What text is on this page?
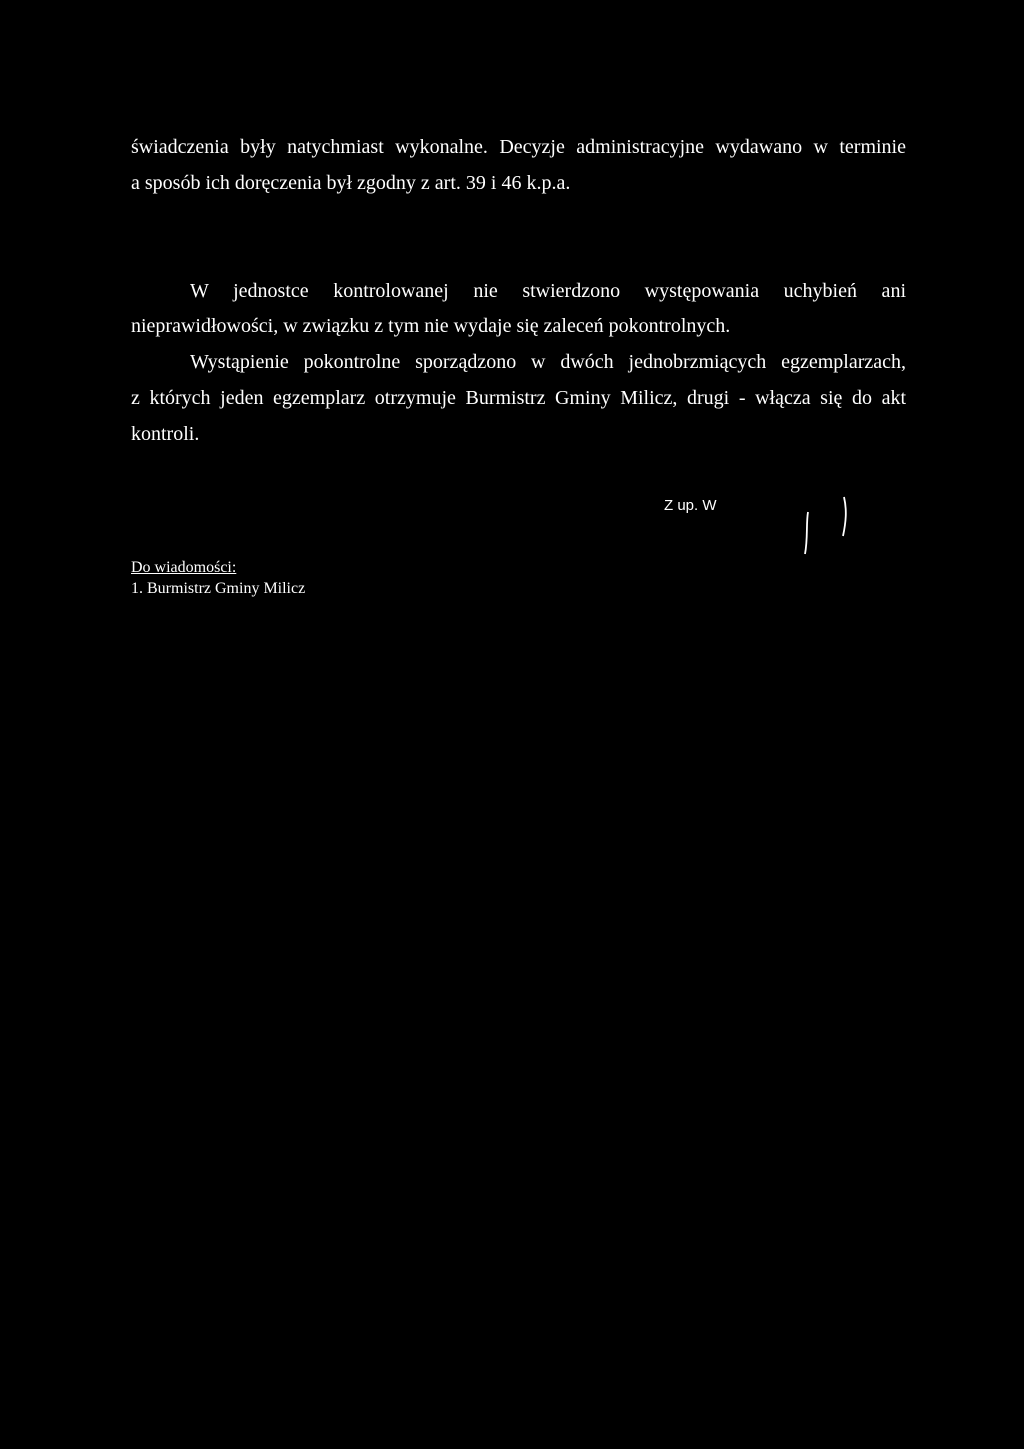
świadczenia były natychmiast wykonalne. Decyzje administracyjne wydawano w terminie
a sposób ich doręczenia był zgodny z art. 39 i 46 k.p.a.
W jednostce kontrolowanej nie stwierdzono występowania uchybień ani
nieprawidłowości, w związku z tym nie wydaje się zaleceń pokontrolnych.
Wystąpienie pokontrolne sporządzono w dwóch jednobrzmiących egzemplarzach,
z których jeden egzemplarz otrzymuje Burmistrz Gminy Milicz, drugi - włącza się do akt
kontroli.
Z up. W
Do wiadomości:
1. Burmistrz Gminy Milicz
